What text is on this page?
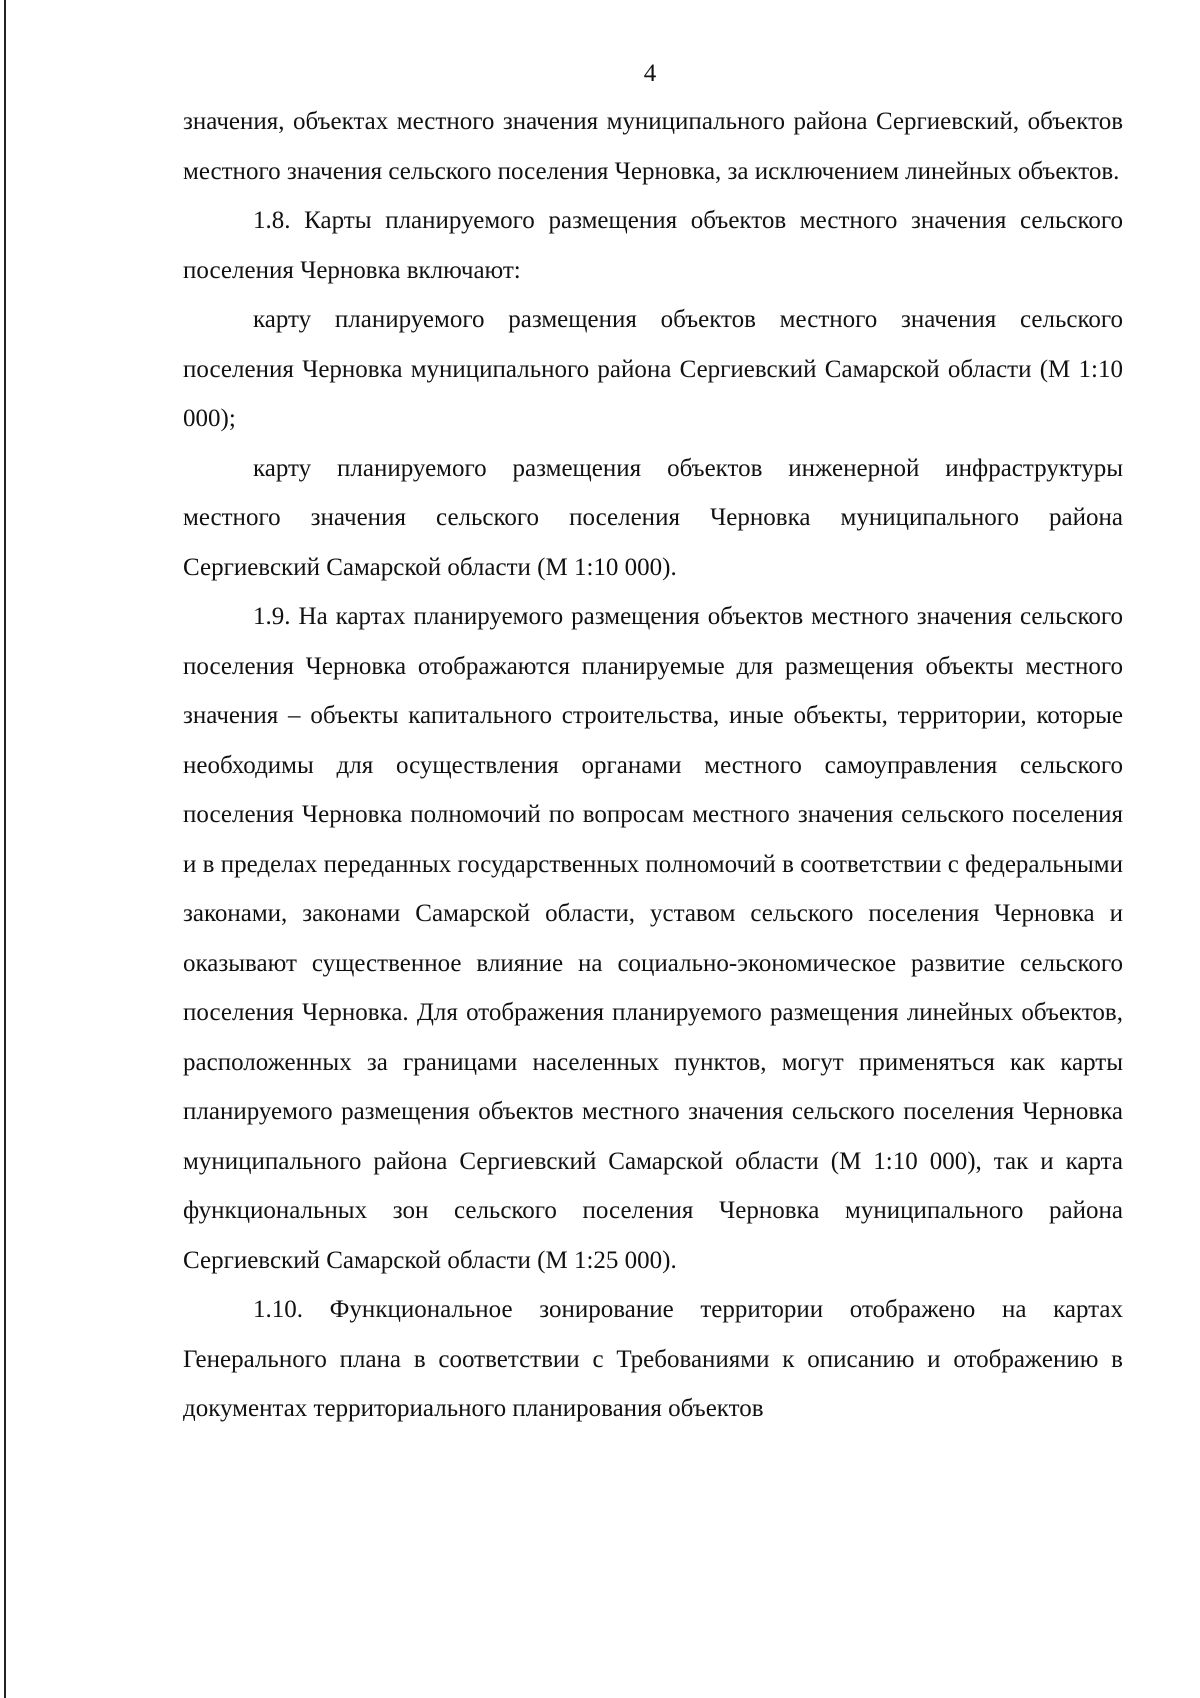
4

значения, объектах местного значения муниципального района Сергиевский, объектов местного значения сельского поселения Черновка, за исключением линейных объектов.

1.8. Карты планируемого размещения объектов местного значения сельского поселения Черновка включают:

карту планируемого размещения объектов местного значения сельского поселения Черновка муниципального района Сергиевский Самарской области (М 1:10 000);

карту планируемого размещения объектов инженерной инфраструктуры местного значения сельского поселения Черновка муниципального района Сергиевский Самарской области (М 1:10 000).

1.9. На картах планируемого размещения объектов местного значения сельского поселения Черновка отображаются планируемые для размещения объекты местного значения – объекты капитального строительства, иные объекты, территории, которые необходимы для осуществления органами местного самоуправления сельского поселения Черновка полномочий по вопросам местного значения сельского поселения и в пределах переданных государственных полномочий в соответствии с федеральными законами, законами Самарской области, уставом сельского поселения Черновка и оказывают существенное влияние на социально-экономическое развитие сельского поселения Черновка. Для отображения планируемого размещения линейных объектов, расположенных за границами населенных пунктов, могут применяться как карты планируемого размещения объектов местного значения сельского поселения Черновка муниципального района Сергиевский Самарской области (М 1:10 000), так и карта функциональных зон сельского поселения Черновка муниципального района Сергиевский Самарской области (М 1:25 000).

1.10. Функциональное зонирование территории отображено на картах Генерального плана в соответствии с Требованиями к описанию и отображению в документах территориального планирования объектов
